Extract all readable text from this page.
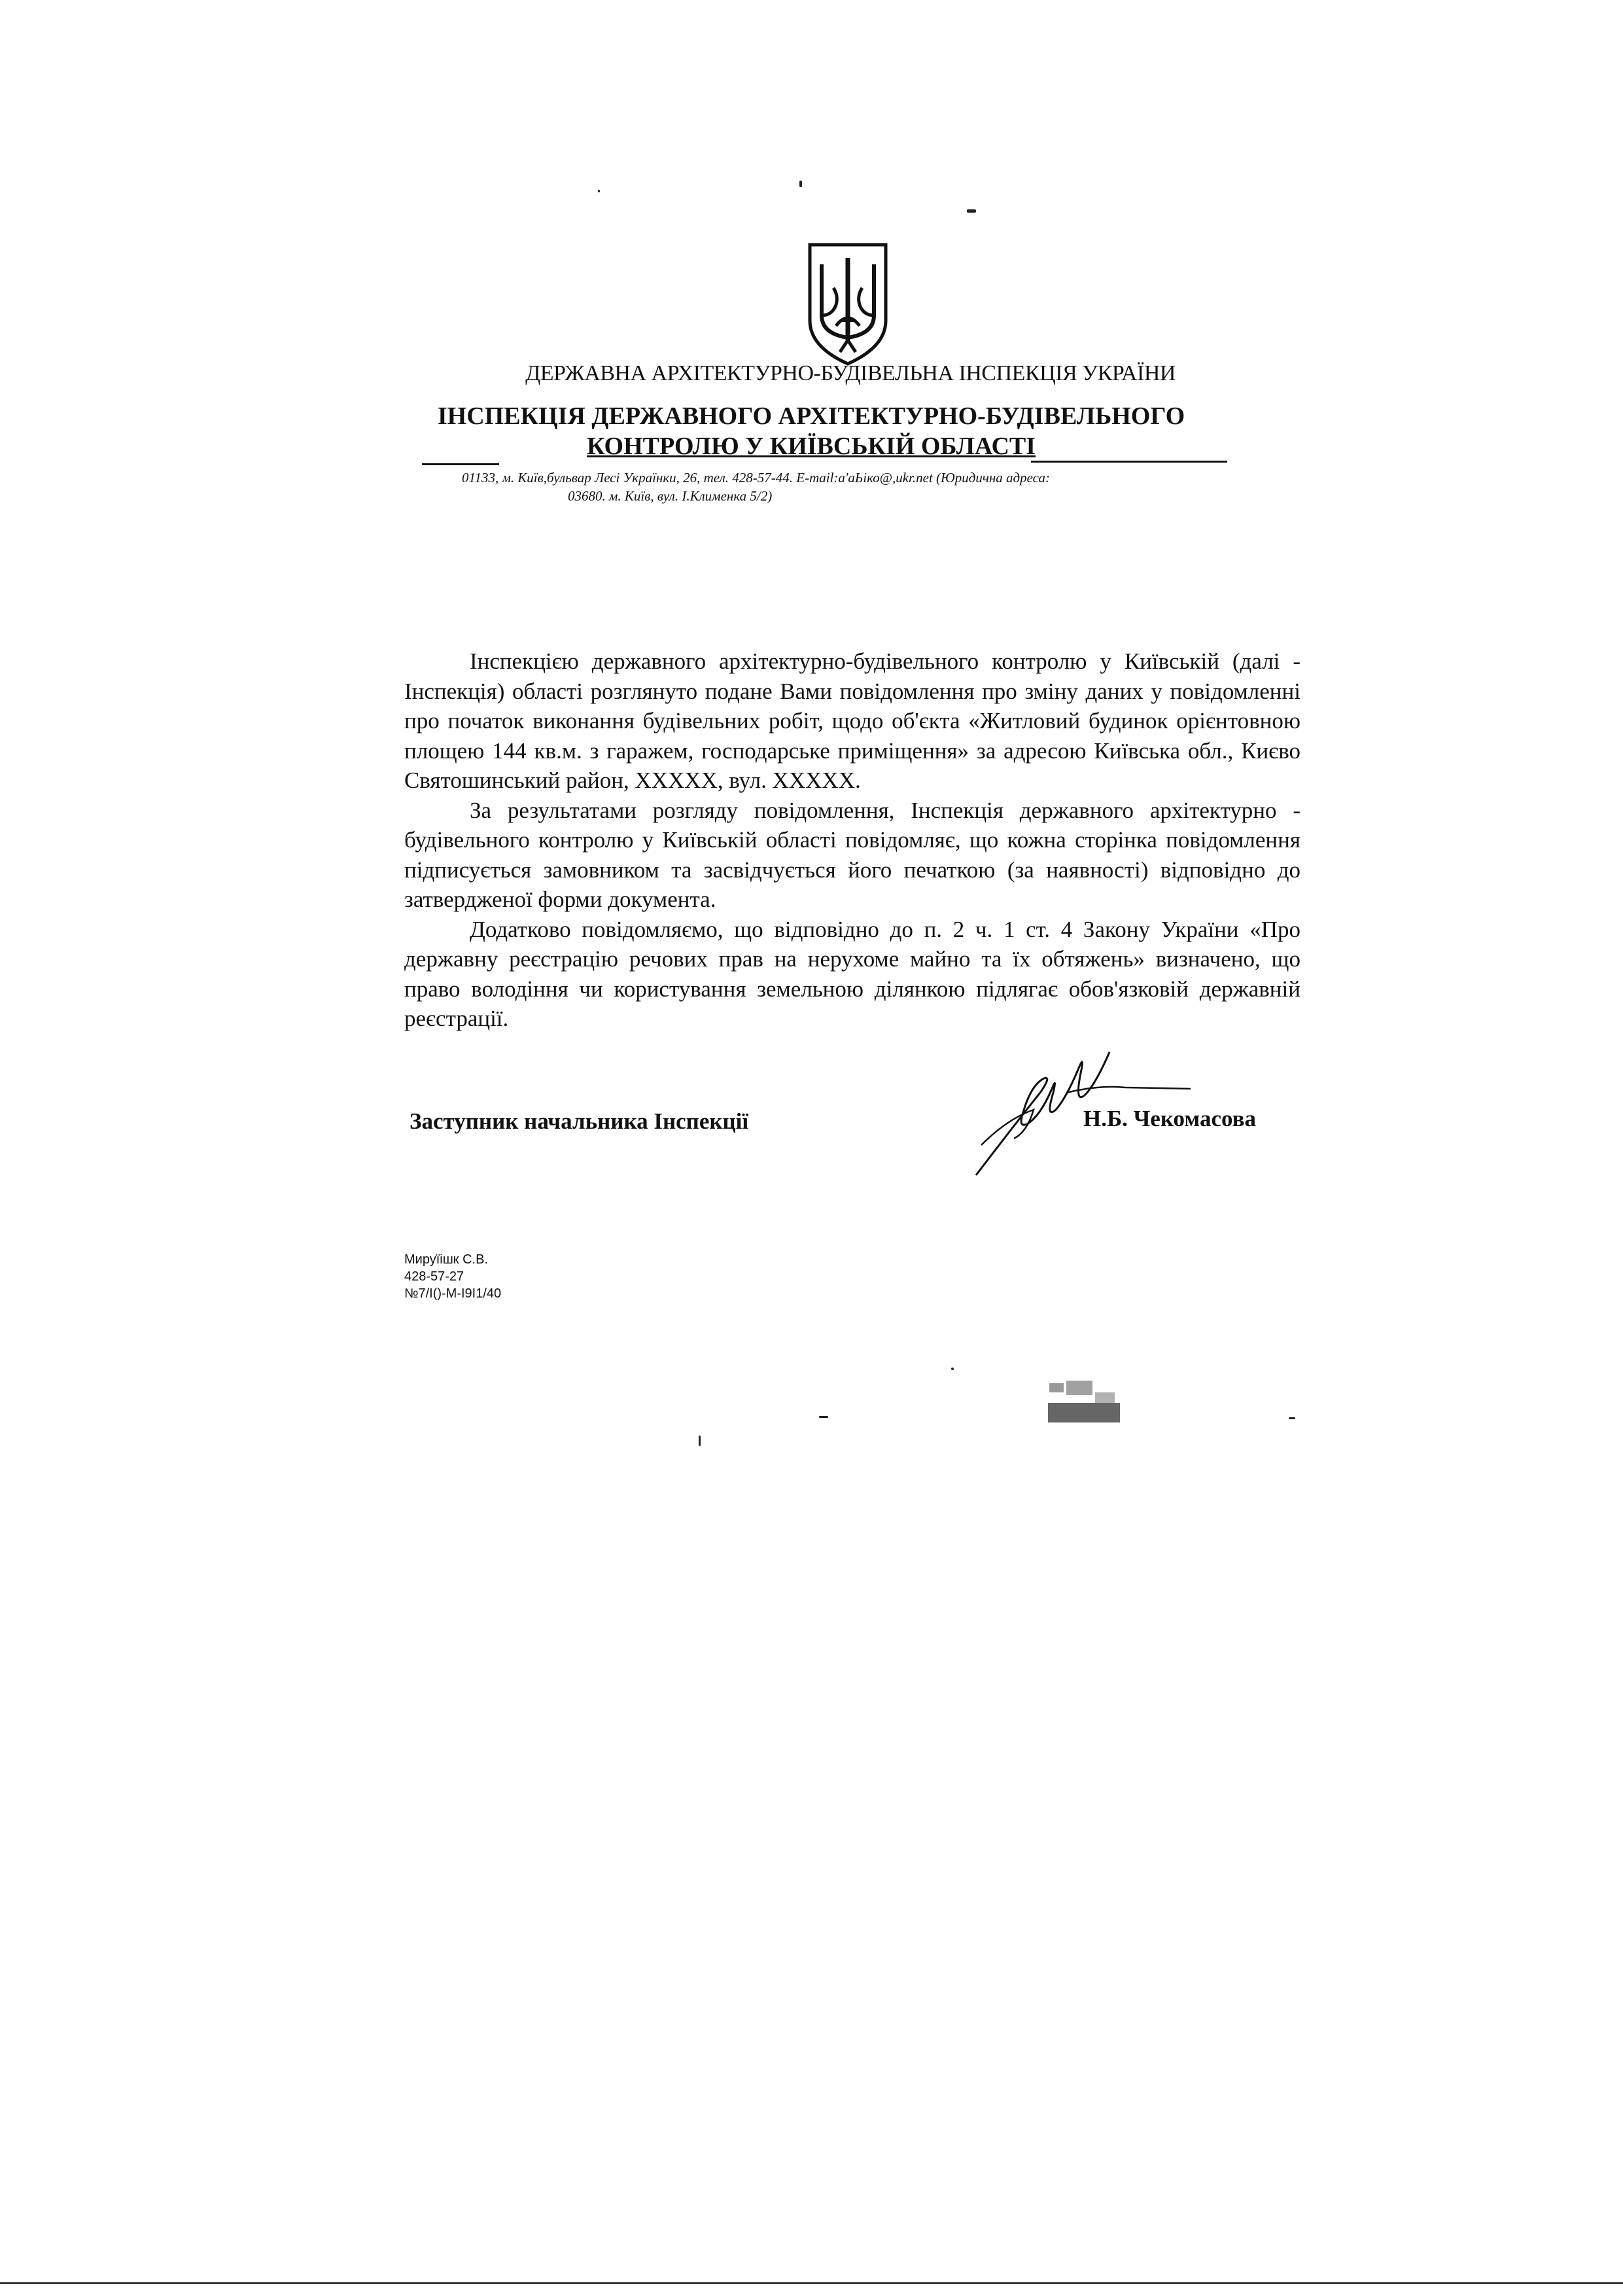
ДЕРЖАВНА АРХІТЕКТУРНО-БУДІВЕЛЬНА ІНСПЕКЦІЯ УКРАЇНИ
ІНСПЕКЦІЯ ДЕРЖАВНОГО АРХІТЕКТУРНО-БУДІВЕЛЬНОГО
КОНТРОЛЮ У КИЇВСЬКІЙ ОБЛАСТІ
01133, м. Київ,бульвар Лесі Українки, 26, тел. 428-57-44. E-mail:a'aЬіко@,ukr.net (Юридична адреса:
03680. м. Київ, вул. І.Клименка 5/2)

Інспекцією державного архітектурно-будівельного контролю у Київській (далі - Інспекція) області розглянуто подане Вами повідомлення про зміну даних у повідомленні про початок виконання будівельних робіт, щодо об'єкта «Житловий будинок орієнтовною площею 144 кв.м. з гаражем, господарське приміщення» за адресою Київська обл., Києво Святошинський район, XXXXX, вул. XXXXX.

За результатами розгляду повідомлення, Інспекція державного архітектурно - будівельного контролю у Київській області повідомляє, що кожна сторінка повідомлення підписується замовником та засвідчується його печаткою (за наявності) відповідно до затвердженої форми документа.

Додатково повідомляємо, що відповідно до п. 2 ч. 1 ст. 4 Закону України «Про державну реєстрацію речових прав на нерухоме майно та їх обтяжень» визначено, що право володіння чи користування земельною ділянкою підлягає обов'язковій державній реєстрації.

Заступник начальника Інспекції	Н.Б. Чекомасова
Мируїішк С.В.
428-57-27
№7/І()-М-І9І1/40
